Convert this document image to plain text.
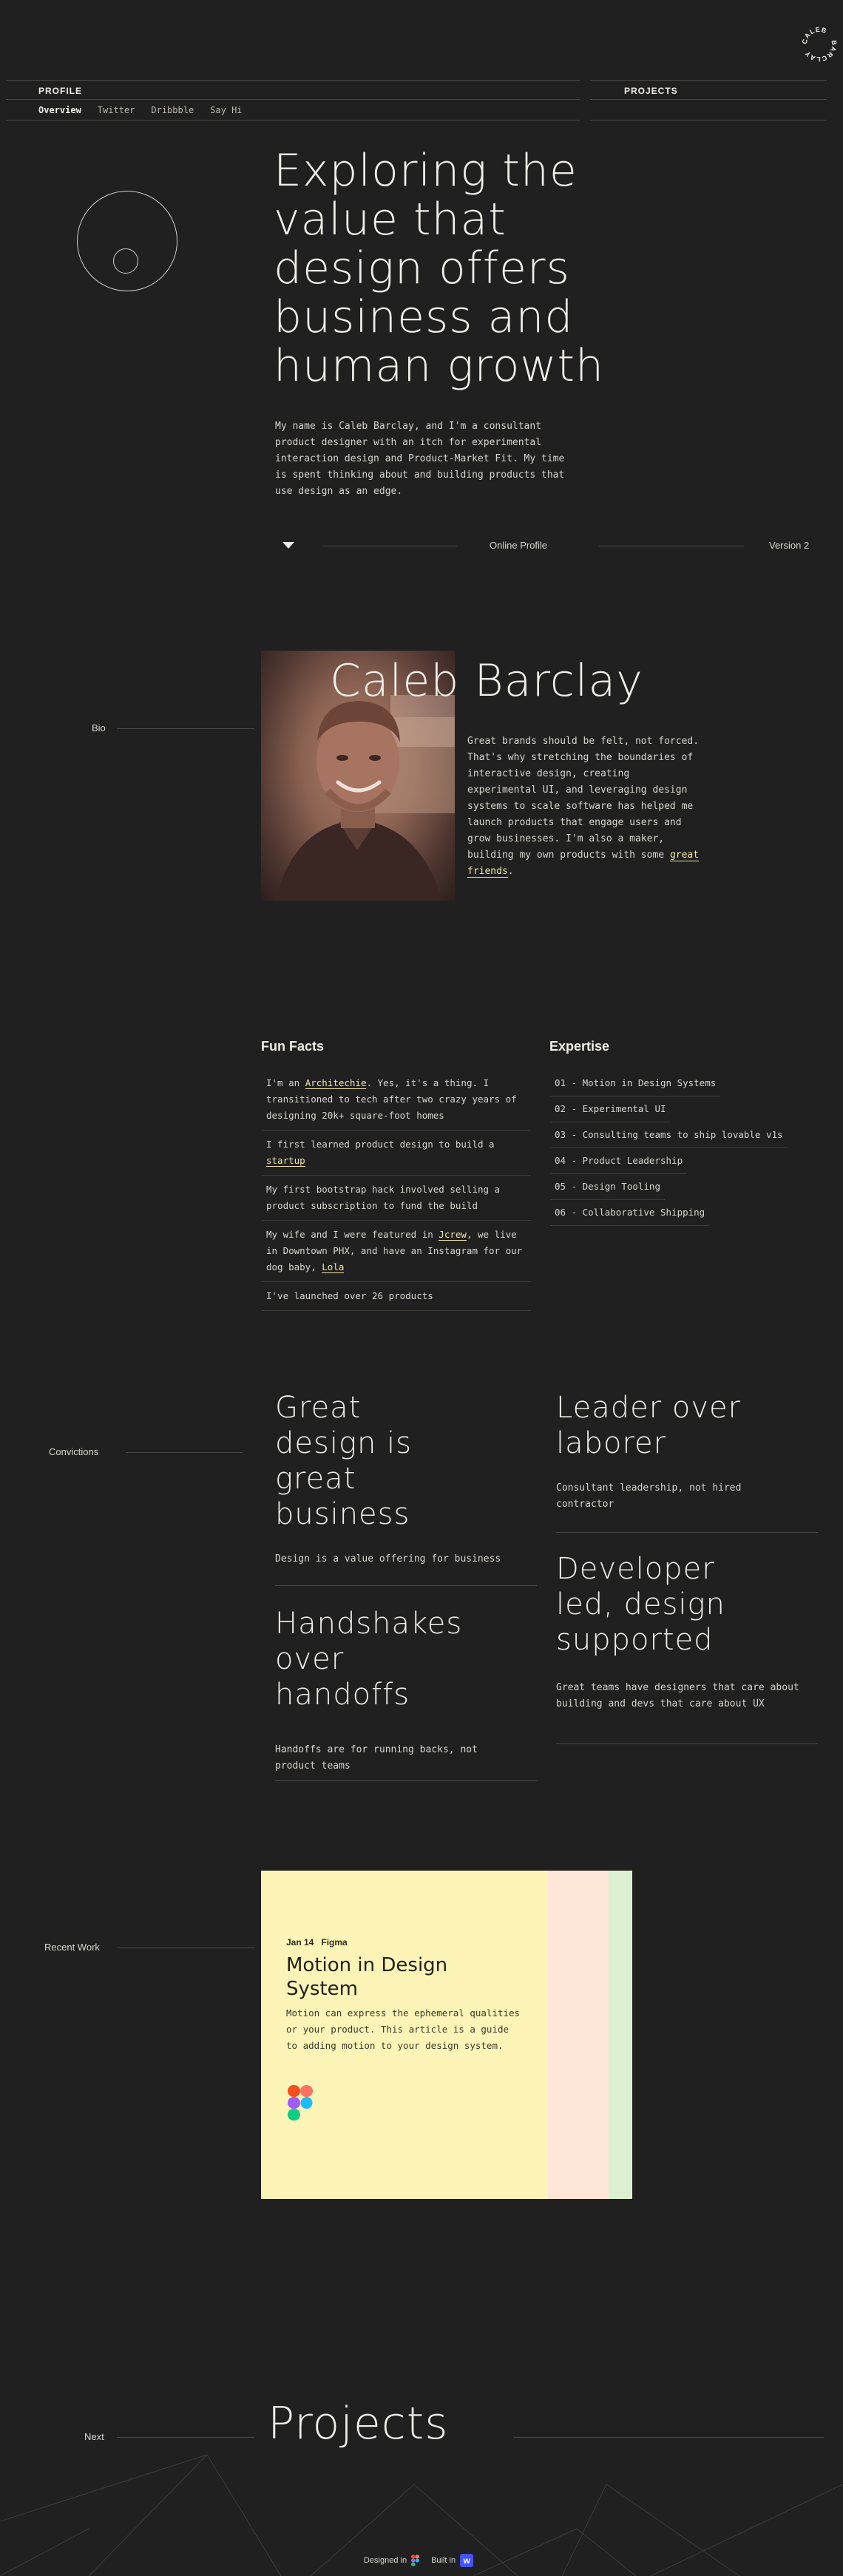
CALEB
BARCLAY
PROFILE	PROJECTS
Overview Twitter Dribbble Say Hi
Exploring the
value that
design offers
business and
human growth
My name is Caleb Barclay, and I'm a consultant product designer with an itch for experimental interaction design and Product-Market Fit. My time is spent thinking about and building products that use design as an edge.
Online Profile	Version 2
Bio
Caleb Barclay
Great brands should be felt, not forced. That's why stretching the boundaries of interactive design, creating experimental UI, and leveraging design systems to scale software has helped me launch products that engage users and grow businesses. I'm also a maker, building my own products with some great friends.
Fun Facts
I'm an Architechie. Yes, it's a thing. I transitioned to tech after two crazy years of designing 20k+ square-foot homes
I first learned product design to build a startup
My first bootstrap hack involved selling a product subscription to fund the build
My wife and I were featured in Jcrew, we live in Downtown PHX, and have an Instagram for our dog baby, Lola
I've launched over 26 products
Expertise
01 - Motion in Design Systems
02 - Experimental UI
03 - Consulting teams to ship lovable v1s
04 - Product Leadership
05 - Design Tooling
06 - Collaborative Shipping
Convictions
Great
design is
great
business
Design is a value offering for business
Handshakes
over
handoffs
Handoffs are for running backs, not product teams
Leader over
laborer
Consultant leadership, not hired contractor
Developer
led, design
supported
Great teams have designers that care about building and devs that care about UX
Recent Work	Jan 14 Figma
Motion in Design
System
Motion can express the ephemeral qualities or your product. This article is a guide to adding motion to your design system.
Next	Projects
Designed in	Built in w
